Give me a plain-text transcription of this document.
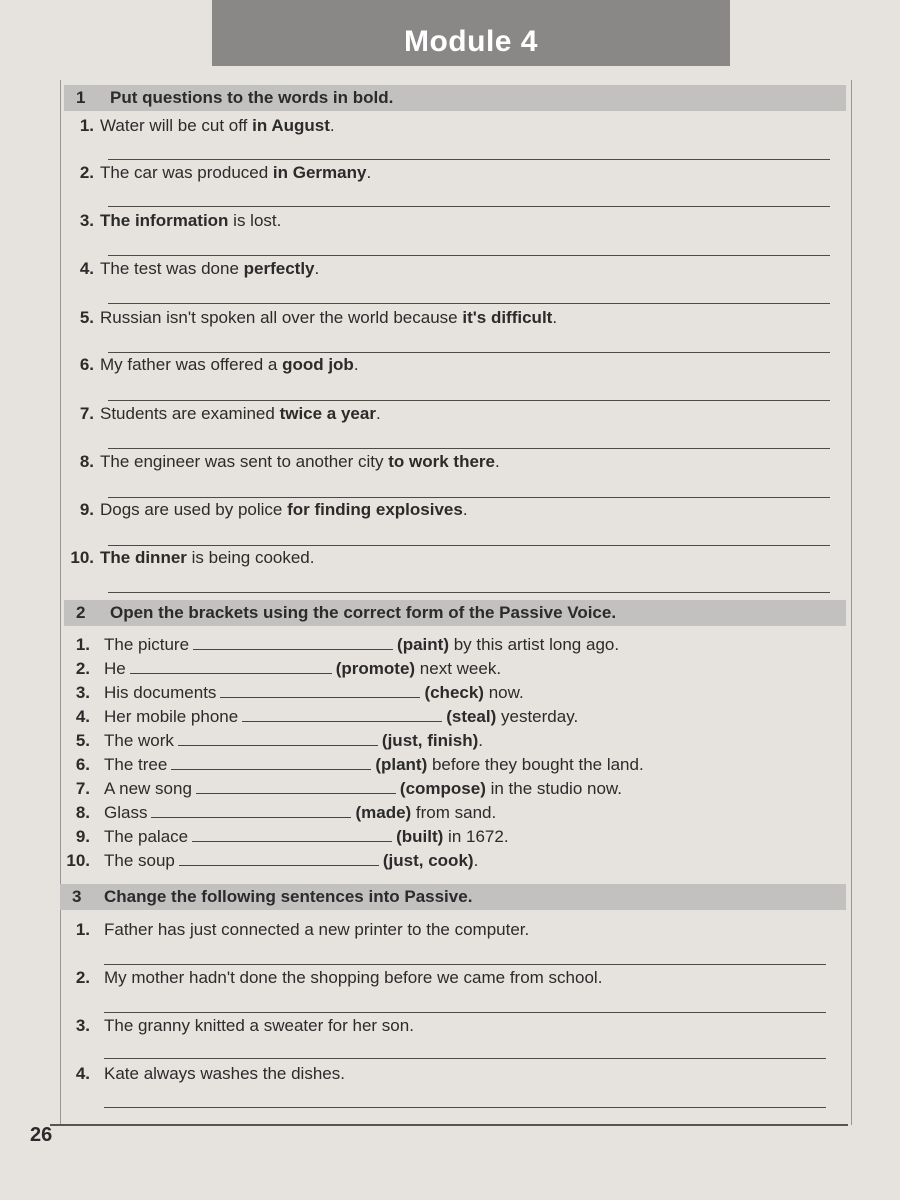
Module 4
1 Put questions to the words in bold.
1. Water will be cut off in August.
2. The car was produced in Germany.
3. The information is lost.
4. The test was done perfectly.
5. Russian isn't spoken all over the world because it's difficult.
6. My father was offered a good job.
7. Students are examined twice a year.
8. The engineer was sent to another city to work there.
9. Dogs are used by police for finding explosives.
10. The dinner is being cooked.
2 Open the brackets using the correct form of the Passive Voice.
1. The picture	(paint) by this artist long ago.
2. He	(promote) next week.
3. His documents	(check) now.
4. Her mobile phone	(steal) yesterday.
5. The work	(just, finish).
6. The tree	(plant) before they bought the land.
7. A new song	(compose) in the studio now.
8. Glass	(made) from sand.
9. The palace	(built) in 1672.
10. The soup	(just, cook).
3 Change the following sentences into Passive.
1. Father has just connected a new printer to the computer.
2. My mother hadn't done the shopping before we came from school.
3. The granny knitted a sweater for her son.
4. Kate always washes the dishes.
26
